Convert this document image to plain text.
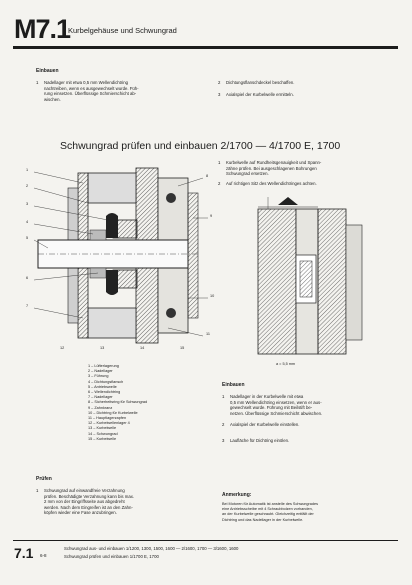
M7.1
Kurbelgehäuse und Schwungrad
Einbauen
1 Nadellager mit etwa 0,5 mm Wellendichtring
nachtreiben, wenn es ausgewechselt wurde. Füh-
rung einsetzen. Überflüssige Schmierschicht ab-
wischen.
2 Dichtungsflanschdeckel beschaffen.
3 Axialspiel der Kurbelwelle ermitteln.
Schwungrad prüfen und einbauen 2/1700 — 4/1700 E, 1700
1
2
3
4
5
6
7
8
9
10
11
12	13	14	15
1 Kurbelwelle auf Rundheitsgenauigkeit und Spann-
zähne prüfen. Bei ausgeschlagenen Bohrungen
Schwungrad ersetzen.
2 Auf richtigen Sitz des Wellendichtringes achten.
a = 5,5 mm
1 – Lüfterlagerung
2 – Nadellager
3 – Führung
4 – Dichtungsflansch
5 – Antriebswelle
6 – Wellendichtring
7 – Nadellager
8 – Sicherheitsring für Schwungrad
9 – Zahnkranz
10 – Dichtring für Kurbelwelle
11 – Hauptlagerzapfen
12 – Kurbelwellenlager 4
13 – Kurbelwelle
14 – Schwungrad
15 – Kurbelwelle
Einbauen
1 Nadellager in der Kurbelwelle mit etwa
0,5 mm Wellendichtring einsetzen, wenn er aus-
gewechselt wurde. Führung mit Beilstift be-
netzen. Überflüssige Schmierschicht abwischen.
2 Axialspiel der Kurbelwelle einstellen.
3 Laufläche für Dichtring einölen.
Prüfen
1 Schwungrad auf einwandfreie Verzahnung
prüfen. Beschädigte Verzahnung kann bis max.
2 mm von der Eingriffsseite aus abgedreht
werden. Nach dem Eingreifen ist an den Zahn-
köpfen wieder eine Fase anzubringen.
Anmerkung:
Bei Motoren für Automatik ist anstelle des Schwungrades
eine Antriebsscheibe mit 4 Schraubbolzen vorhanden,
an der Kurbelwelle geschraubt. Gleichzeitig entfällt der
Dichtring und das Nadellager in der Kurbelwelle.
7.1 6-8
Schwungrad aus- und einbauen 1/1200, 1300, 1500, 1600 — 2/1600, 1700 — 3/1600, 1600
Schwungrad prüfen und einbauen 1/1700 E, 1700
